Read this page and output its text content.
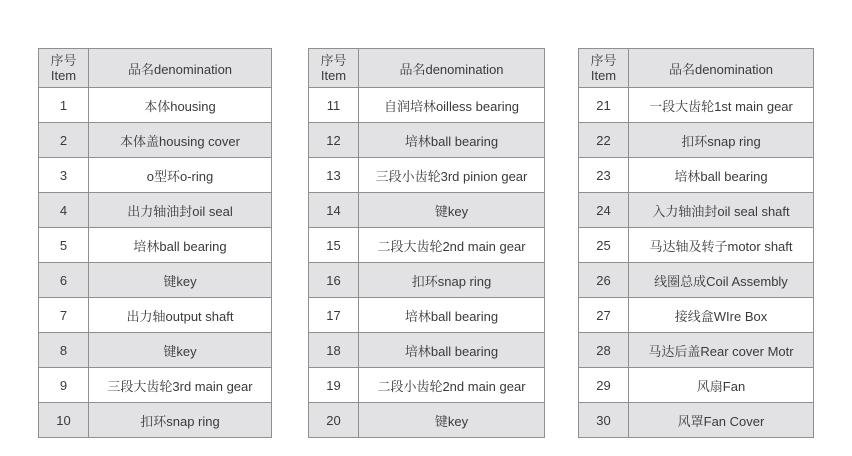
序号
Item	品名denomination
1	本体housing
2	本体盖housing cover
3	o型环o-ring
4	出力轴油封oil seal
5	培林ball bearing
6	键key
7	出力轴output shaft
8	键key
9	三段大齿轮3rd main gear
10	扣环snap ring
序号
Item	品名denomination
11	自润培林oilless bearing
12	培林ball bearing
13	三段小齿轮3rd pinion gear
14	键key
15	二段大齿轮2nd main gear
16	扣环snap ring
17	培林ball bearing
18	培林ball bearing
19	二段小齿轮2nd main gear
20	键key
序号
Item	品名denomination
21	一段大齿轮1st main gear
22	扣环snap ring
23	培林ball bearing
24	入力轴油封oil seal shaft
25	马达轴及转子motor shaft
26	线圈总成Coil Assembly
27	接线盒WIre Box
28	马达后盖Rear cover Motr
29	风扇Fan
30	风罩Fan Cover
